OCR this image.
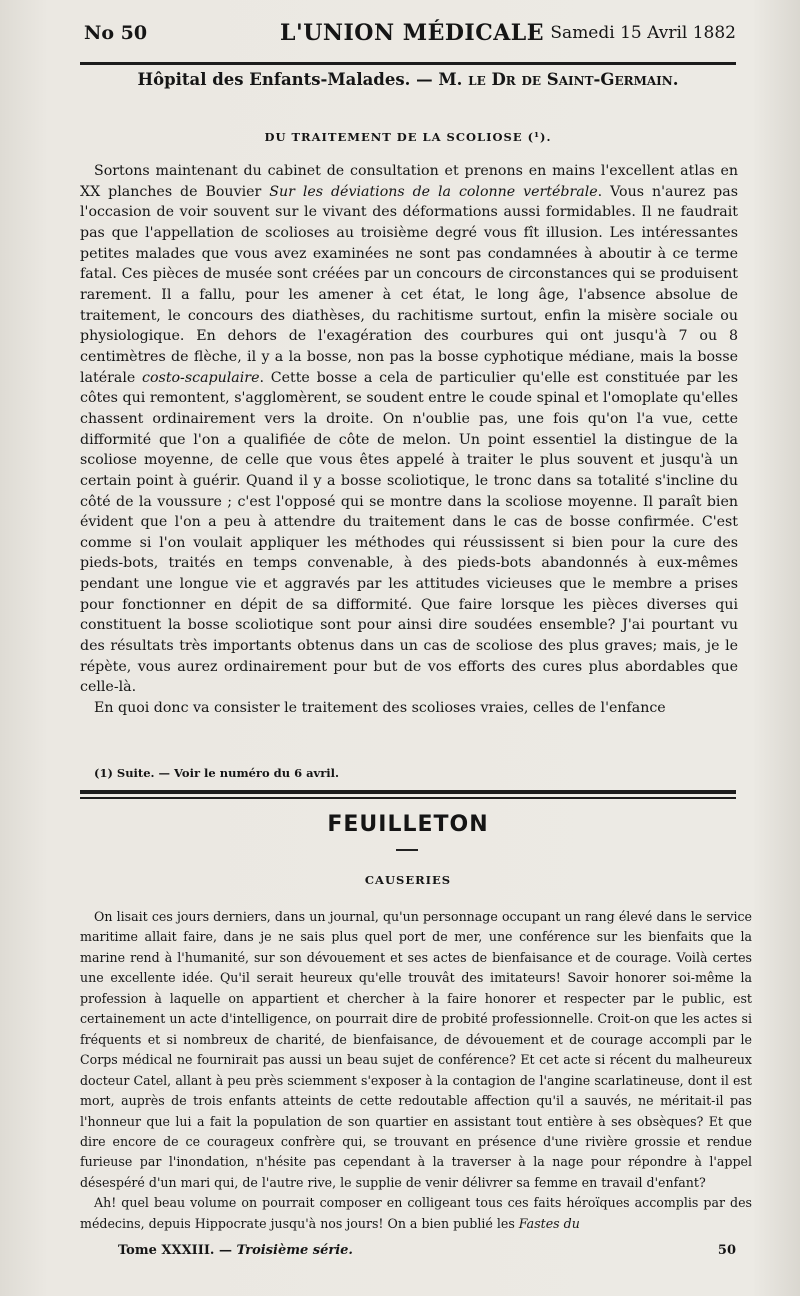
No 50	L'UNION MÉDICALE Samedi 15 Avril 1882
Hôpital des Enfants-Malades. — M. le Dr de Saint-Germain.
DU TRAITEMENT DE LA SCOLIOSE (¹).

Sortons maintenant du cabinet de consultation et prenons en mains l'excellent atlas en XX planches de Bouvier Sur les déviations de la colonne vertébrale. Vous n'aurez pas l'occasion de voir souvent sur le vivant des déformations aussi formidables. Il ne faudrait pas que l'appellation de scolioses au troisième degré vous fît illusion. Les intéressantes petites malades que vous avez examinées ne sont pas condamnées à aboutir à ce terme fatal. Ces pièces de musée sont créées par un concours de circonstances qui se produisent rarement. Il a fallu, pour les amener à cet état, le long âge, l'absence absolue de traitement, le concours des diathèses, du rachitisme surtout, enfin la misère sociale ou physiologique. En dehors de l'exagération des courbures qui ont jusqu'à 7 ou 8 centimètres de flèche, il y a la bosse, non pas la bosse cyphotique médiane, mais la bosse latérale costo-scapulaire. Cette bosse a cela de particulier qu'elle est constituée par les côtes qui remontent, s'agglomèrent, se soudent entre le coude spinal et l'omoplate qu'elles chassent ordinairement vers la droite. On n'oublie pas, une fois qu'on l'a vue, cette difformité que l'on a qualifiée de côte de melon. Un point essentiel la distingue de la scoliose moyenne, de celle que vous êtes appelé à traiter le plus souvent et jusqu'à un certain point à guérir. Quand il y a bosse scoliotique, le tronc dans sa totalité s'incline du côté de la voussure ; c'est l'opposé qui se montre dans la scoliose moyenne. Il paraît bien évident que l'on a peu à attendre du traitement dans le cas de bosse confirmée. C'est comme si l'on voulait appliquer les méthodes qui réussissent si bien pour la cure des pieds-bots, traités en temps convenable, à des pieds-bots abandonnés à eux-mêmes pendant une longue vie et aggravés par les attitudes vicieuses que le membre a prises pour fonctionner en dépit de sa difformité. Que faire lorsque les pièces diverses qui constituent la bosse scoliotique sont pour ainsi dire soudées ensemble? J'ai pourtant vu des résultats très importants obtenus dans un cas de scoliose des plus graves; mais, je le répète, vous aurez ordinairement pour but de vos efforts des cures plus abordables que celle-là.

En quoi donc va consister le traitement des scolioses vraies, celles de l'enfance

(1) Suite. — Voir le numéro du 6 avril.
FEUILLETON
CAUSERIES

On lisait ces jours derniers, dans un journal, qu'un personnage occupant un rang élevé dans le service maritime allait faire, dans je ne sais plus quel port de mer, une conférence sur les bienfaits que la marine rend à l'humanité, sur son dévouement et ses actes de bienfaisance et de courage. Voilà certes une excellente idée. Qu'il serait heureux qu'elle trouvât des imitateurs! Savoir honorer soi-même la profession à laquelle on appartient et chercher à la faire honorer et respecter par le public, est certainement un acte d'intelligence, on pourrait dire de probité professionnelle. Croit-on que les actes si fréquents et si nombreux de charité, de bienfaisance, de dévouement et de courage accompli par le Corps médical ne fournirait pas aussi un beau sujet de conférence? Et cet acte si récent du malheureux docteur Catel, allant à peu près sciemment s'exposer à la contagion de l'angine scarlatineuse, dont il est mort, auprès de trois enfants atteints de cette redoutable affection qu'il a sauvés, ne méritait-il pas l'honneur que lui a fait la population de son quartier en assistant tout entière à ses obsèques? Et que dire encore de ce courageux confrère qui, se trouvant en présence d'une rivière grossie et rendue furieuse par l'inondation, n'hésite pas cependant à la traverser à la nage pour répondre à l'appel désespéré d'un mari qui, de l'autre rive, le supplie de venir délivrer sa femme en travail d'enfant?

Ah! quel beau volume on pourrait composer en colligeant tous ces faits héroïques accomplis par des médecins, depuis Hippocrate jusqu'à nos jours! On a bien publié les Fastes du

Tome XXXIII. — Troisième série.	50
